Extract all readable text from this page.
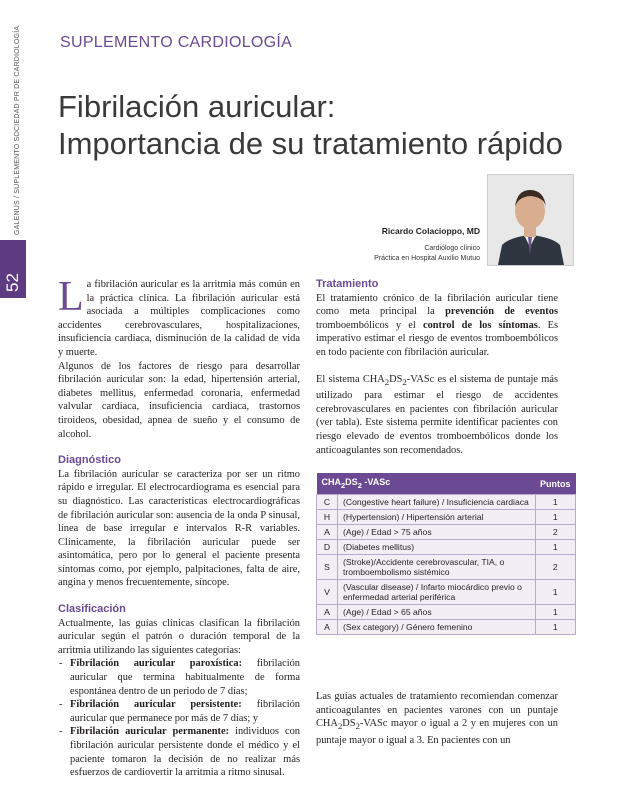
GALENUS / SUPLEMENTO SOCIEDAD PR DE CARDIOLOGÍA
52
SUPLEMENTO CARDIOLOGÍA
Fibrilación auricular:
Importancia de su tratamiento rápido
Ricardo Colacioppo, MD
Cardiólogo clínico
Práctica en Hospital Auxilio Mutuo

La fibrilación auricular es la arritmia más común en la práctica clínica. La fibrilación auricular está asociada a múltiples complicaciones como accidentes cerebrovasculares, hospitalizaciones, insuficiencia cardiaca, disminución de la calidad de vida y muerte.

Algunos de los factores de riesgo para desarrollar fibrilación auricular son: la edad, hipertensión arterial, diabetes mellitus, enfermedad coronaria, enfermedad valvular cardiaca, insuficiencia cardiaca, trastornos tiroideos, obesidad, apnea de sueño y el consumo de alcohol.

Diagnóstico

La fibrilación auricular se caracteriza por ser un ritmo rápido e irregular. El electrocardiograma es esencial para su diagnóstico. Las características electrocardiográficas de fibrilación auricular son: ausencia de la onda P sinusal, línea de base irregular e intervalos R-R variables. Clínicamente, la fibrilación auricular puede ser asintomática, pero por lo general el paciente presenta síntomas como, por ejemplo, palpitaciones, falta de aire, angina y menos frecuentemente, síncope.

Clasificación

Actualmente, las guías clínicas clasifican la fibrilación auricular según el patrón o duración temporal de la arritmia utilizando las siguientes categorías:

- Fibrilación auricular paroxística: fibrilación auricular que termina habitualmente de forma espontánea dentro de un periodo de 7 días;
- Fibrilación auricular persistente: fibrilación auricular que permanece por más de 7 días; y
- Fibrilación auricular permanente: individuos con fibrilación auricular persistente donde el médico y el paciente tomaron la decisión de no realizar más esfuerzos de cardiovertir la arritmia a ritmo sinusal.

Tratamiento

El tratamiento crónico de la fibrilación auricular tiene como meta principal la prevención de eventos tromboembólicos y el control de los síntomas. Es imperativo estimar el riesgo de eventos tromboembólicos en todo paciente con fibrilación auricular.

El sistema $CHA_2DS_2$-VASc es el sistema de puntaje más utilizado para estimar el riesgo de accidentes cerebrovasculares en pacientes con fibrilación auricular (ver tabla). Este sistema permite identificar pacientes con riesgo elevado de eventos tromboembólicos donde los anticoagulantes son recomendados.

$CHA_2DS_2$ -VASc		Puntos
C	(Congestive heart failure) / Insuficiencia cardiaca	1
H	(Hypertension) / Hipertensión arterial	1
A	(Age) / Edad > 75 años	2
D	(Diabetes mellitus)	1
S	(Stroke)/Accidente cerebrovascular, TIA, o tromboembolismo sistémico	2
V	(Vascular disease) / Infarto miocárdico previo o enfermedad arterial periférica	1
A	(Age) / Edad > 65 años	1
A	(Sex category) / Género femenino	1

Las guías actuales de tratamiento recomiendan comenzar anticoagulantes en pacientes varones con un puntaje $CHA_2DS_2$-VASc mayor o igual a 2 y en mujeres con un puntaje mayor o igual a 3. En pacientes con un
